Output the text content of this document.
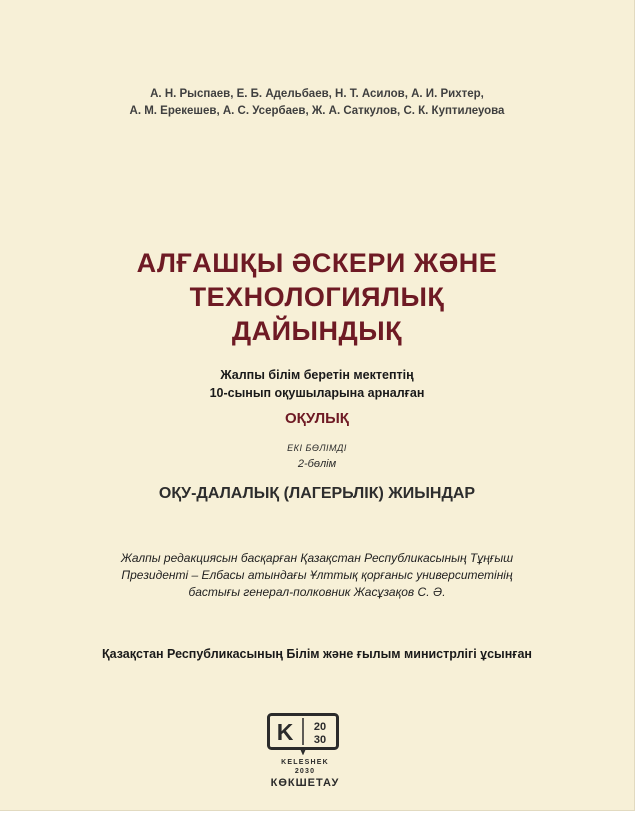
А. Н. Рыспаев, Е. Б. Адельбаев, Н. Т. Асилов, А. И. Рихтер,
А. М. Ерекешев, А. С. Усербаев, Ж. А. Саткулов, С. К. Куптилеуова
АЛҒАШҚЫ ӘСКЕРИ ЖӘНЕ
ТЕХНОЛОГИЯЛЫҚ
ДАЙЫНДЫҚ
Жалпы білім беретін мектептің
10-сынып оқушыларына арналған
ОҚУЛЫҚ
ЕКІ БӨЛІМДІ
2-бөлім
ОҚУ-ДАЛАЛЫҚ (ЛАГЕРЬЛІК) ЖИЫНДАР
Жалпы редакциясын басқарған Қазақстан Республикасының Тұңғыш
Президенті – Елбасы атындағы Ұлттық қорғаныс университетінің
бастығы генерал-полковник Жасұзақов С. Ә.
Қазақстан Республикасының Білім және ғылым министрлігі ұсынған
K 20
30
KELESHEK
2030
КӨКШЕТАУ
